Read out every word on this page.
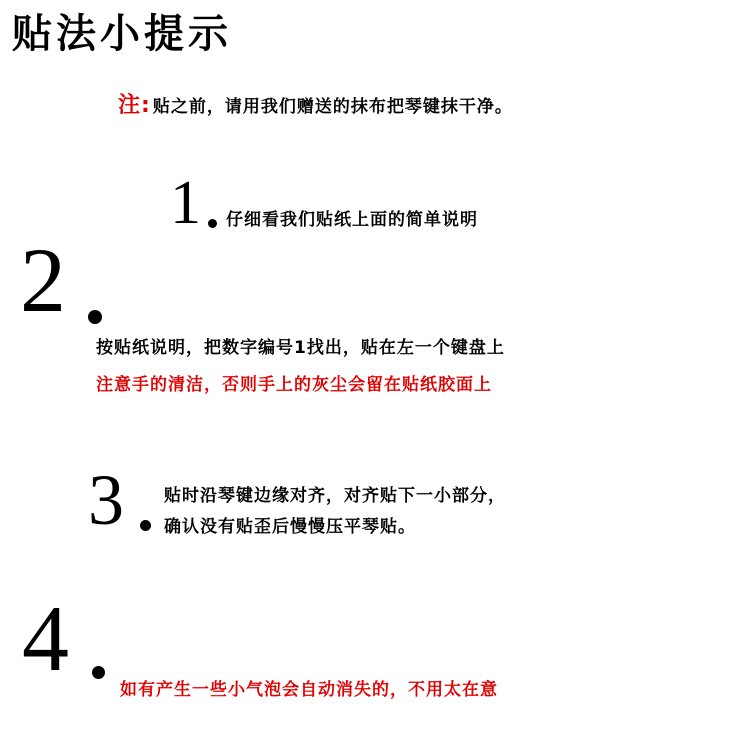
贴法小提示
注: 贴之前，请用我们赠送的抹布把琴键抹干净。
1 仔细看我们贴纸上面的简单说明
2
按贴纸说明，把数字编号1找出，贴在左一个键盘上
注意手的清洁，否则手上的灰尘会留在贴纸胶面上
3 贴时沿琴键边缘对齐，对齐贴下一小部分，
确认没有贴歪后慢慢压平琴贴。
4	如有产生一些小气泡会自动消失的，不用太在意
